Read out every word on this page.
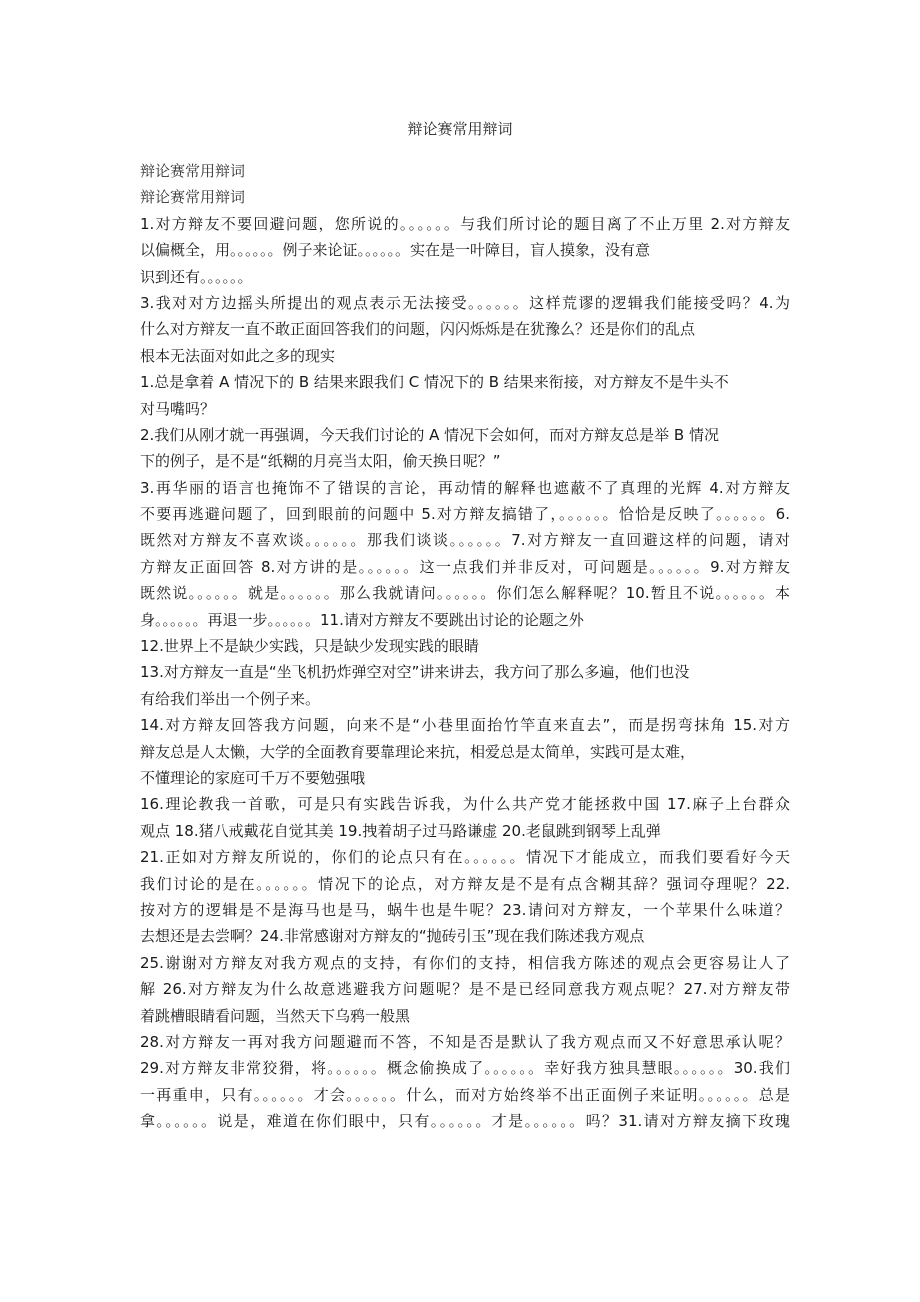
辩论赛常用辩词
辩论赛常用辩词
辩论赛常用辩词
1.对方辩友不要回避问题，您所说的。。。。。。与我们所讨论的题目离了不止万里 2.对方辩友
以偏概全，用。。。。。。例子来论证。。。。。。实在是一叶障目，盲人摸象，没有意
识到还有。。。。。。
3.我对对方边摇头所提出的观点表示无法接受。。。。。。这样荒谬的逻辑我们能接受吗？4.为
什么对方辩友一直不敢正面回答我们的问题，闪闪烁烁是在犹豫么？还是你们的乱点
根本无法面对如此之多的现实
1.总是拿着 A 情况下的 B 结果来跟我们 C 情况下的 B 结果来衔接，对方辩友不是牛头不
对马嘴吗？
2.我们从刚才就一再强调，今天我们讨论的 A 情况下会如何，而对方辩友总是举 B 情况
下的例子，是不是“纸糊的月亮当太阳，偷天换日呢？”
3.再华丽的语言也掩饰不了错误的言论，再动情的解释也遮蔽不了真理的光辉 4.对方辩友
不要再逃避问题了，回到眼前的问题中 5.对方辩友搞错了，。。。。。。恰恰是反映了。。。。。。6.
既然对方辩友不喜欢谈。。。。。。那我们谈谈。。。。。。7.对方辩友一直回避这样的问题，请对
方辩友正面回答 8.对方讲的是。。。。。。这一点我们并非反对，可问题是。。。。。。9.对方辩友
既然说。。。。。。就是。。。。。。那么我就请问。。。。。。你们怎么解释呢？10.暂且不说。。。。。。本
身。。。。。。再退一步。。。。。。11.请对方辩友不要跳出讨论的论题之外
12.世界上不是缺少实践，只是缺少发现实践的眼睛
13.对方辩友一直是“坐飞机扔炸弹空对空”讲来讲去，我方问了那么多遍，他们也没
有给我们举出一个例子来。
14.对方辩友回答我方问题，向来不是“小巷里面抬竹竿直来直去”，而是拐弯抹角 15.对方
辩友总是人太懒，大学的全面教育要靠理论来抗，相爱总是太简单，实践可是太难，
不懂理论的家庭可千万不要勉强哦
16.理论教我一首歌，可是只有实践告诉我，为什么共产党才能拯救中国 17.麻子上台群众
观点 18.猪八戒戴花自觉其美 19.拽着胡子过马路谦虚 20.老鼠跳到钢琴上乱弹
21.正如对方辩友所说的，你们的论点只有在。。。。。。情况下才能成立，而我们要看好今天
我们讨论的是在。。。。。。情况下的论点，对方辩友是不是有点含糊其辞？强词夺理呢？22.
按对方的逻辑是不是海马也是马，蜗牛也是牛呢？23.请问对方辩友，一个苹果什么味道？
去想还是去尝啊？24.非常感谢对方辩友的“抛砖引玉”现在我们陈述我方观点
25.谢谢对方辩友对我方观点的支持，有你们的支持，相信我方陈述的观点会更容易让人了
解 26.对方辩友为什么故意逃避我方问题呢？是不是已经同意我方观点呢？27.对方辩友带
着跳槽眼睛看问题，当然天下乌鸦一般黑
28.对方辩友一再对我方问题避而不答，不知是否是默认了我方观点而又不好意思承认呢？
29.对方辩友非常狡猾，将。。。。。。概念偷换成了。。。。。。幸好我方独具慧眼。。。。。。30.我们
一再重申，只有。。。。。。才会。。。。。。什么，而对方始终举不出正面例子来证明。。。。。。总是
拿。。。。。。说是，难道在你们眼中，只有。。。。。。才是。。。。。。吗？31.请对方辩友摘下玫瑰
